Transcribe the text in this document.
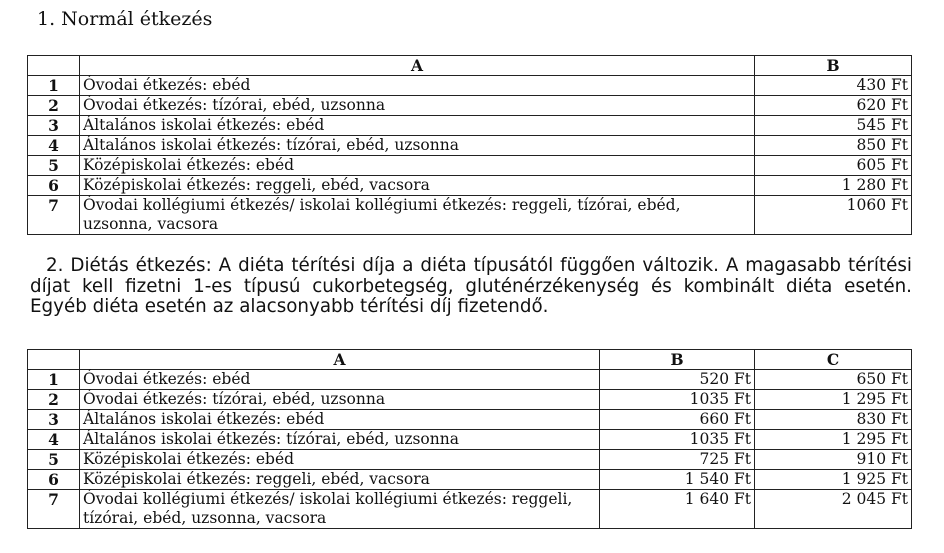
1. Normál étkezés
	A	B
1	Óvodai étkezés: ebéd	430 Ft
2	Óvodai étkezés: tízórai, ebéd, uzsonna	620 Ft
3	Általános iskolai étkezés: ebéd	545 Ft
4	Általános iskolai étkezés: tízórai, ebéd, uzsonna	850 Ft
5	Középiskolai étkezés: ebéd	605 Ft
6	Középiskolai étkezés: reggeli, ebéd, vacsora	1 280 Ft
7	Óvodai kollégiumi étkezés/ iskolai kollégiumi étkezés: reggeli, tízórai, ebéd, uzsonna, vacsora	1060 Ft

2. Diétás étkezés: A diéta térítési díja a diéta típusától függően változik. A magasabb térítési díjat kell fizetni 1-es típusú cukorbetegség, gluténérzékenység és kombinált diéta esetén. Egyéb diéta esetén az alacsonyabb térítési díj fizetendő.

	A	B	C
1	Óvodai étkezés: ebéd	520 Ft	650 Ft
2	Óvodai étkezés: tízórai, ebéd, uzsonna	1035 Ft	1 295 Ft
3	Általános iskolai étkezés: ebéd	660 Ft	830 Ft
4	Általános iskolai étkezés: tízórai, ebéd, uzsonna	1035 Ft	1 295 Ft
5	Középiskolai étkezés: ebéd	725 Ft	910 Ft
6	Középiskolai étkezés: reggeli, ebéd, vacsora	1 540 Ft	1 925 Ft
7	Óvodai kollégiumi étkezés/ iskolai kollégiumi étkezés: reggeli, tízórai, ebéd, uzsonna, vacsora	1 640 Ft	2 045 Ft
